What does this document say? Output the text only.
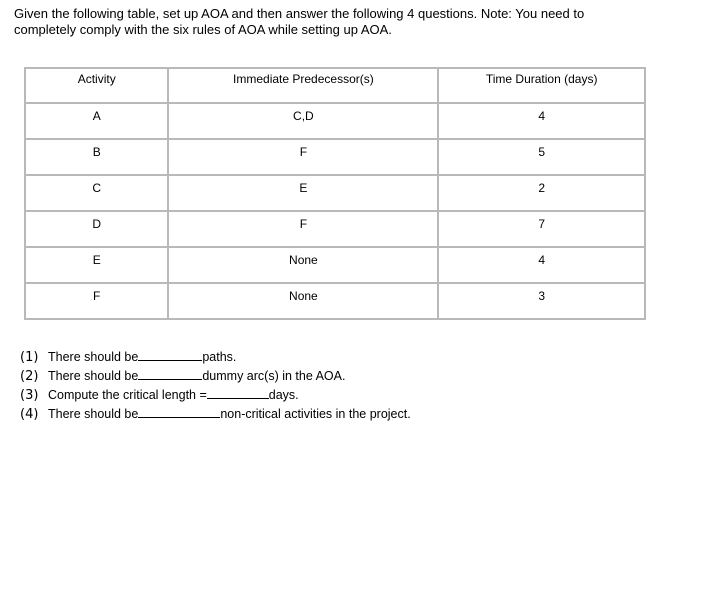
Given the following table, set up AOA and then answer the following 4 questions. Note: You need to
completely comply with the six rules of AOA while setting up AOA.
Activity	Immediate Predecessor(s)	Time Duration (days)
A	C,D	4
B	F	5
C	E	2
D	F	7
E	None	4
F	None	3
(1) There should be	paths.
(2) There should be	dummy arc(s) in the AOA.
(3) Compute the critical length =	days.
(4) There should be	non-critical activities in the project.
